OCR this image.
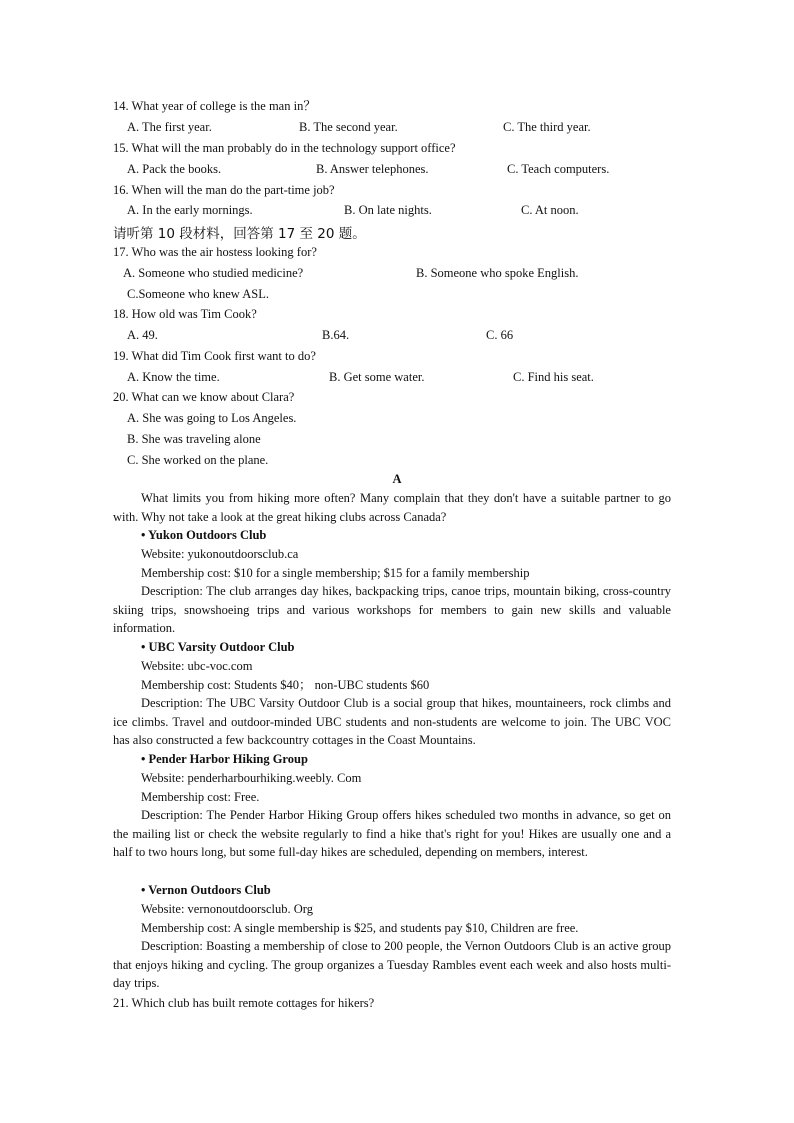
14. What year of college is the man in？
A. The first year.	B. The second year.	C. The third year.
15. What will the man probably do in the technology support office?
A. Pack the books.	B. Answer telephones.	C. Teach computers.
16. When will the man do the part-time job?
A. In the early mornings.	B. On late nights.	C. At noon.
请听第 10 段材料，回答第 17 至 20 题。
17. Who was the air hostess looking for?
A. Someone who studied medicine?	B. Someone who spoke English.
C.Someone who knew ASL.
18. How old was Tim Cook?
A. 49.	B.64.	C. 66
19. What did Tim Cook first want to do?
A. Know the time.	B. Get some water.	C. Find his seat.
20. What can we know about Clara?
A. She was going to Los Angeles.
B. She was traveling alone
C. She worked on the plane.
A
What limits you from hiking more often? Many complain that they don't have a suitable partner to go with. Why not take a look at the great hiking clubs across Canada?
• Yukon Outdoors Club
Website: yukonoutdoorsclub.ca
Membership cost: $10 for a single membership; $15 for a family membership
Description: The club arranges day hikes, backpacking trips, canoe trips, mountain biking, cross-country skiing trips, snowshoeing trips and various workshops for members to gain new skills and valuable information.
• UBC Varsity Outdoor Club
Website: ubc-voc.com
Membership cost: Students $40； non-UBC students $60
Description: The UBC Varsity Outdoor Club is a social group that hikes, mountaineers, rock climbs and ice climbs. Travel and outdoor-minded UBC students and non-students are welcome to join. The UBC VOC has also constructed a few backcountry cottages in the Coast Mountains.
• Pender Harbor Hiking Group
Website: penderharbourhiking.weebly. Com
Membership cost: Free.
Description: The Pender Harbor Hiking Group offers hikes scheduled two months in advance, so get on the mailing list or check the website regularly to find a hike that's right for you! Hikes are usually one and a half to two hours long, but some full-day hikes are scheduled, depending on members, interest.
• Vernon Outdoors Club
Website: vernonoutdoorsclub. Org
Membership cost: A single membership is $25, and students pay $10, Children are free.
Description: Boasting a membership of close to 200 people, the Vernon Outdoors Club is an active group that enjoys hiking and cycling. The group organizes a Tuesday Rambles event each week and also hosts multi-day trips.
21. Which club has built remote cottages for hikers?
